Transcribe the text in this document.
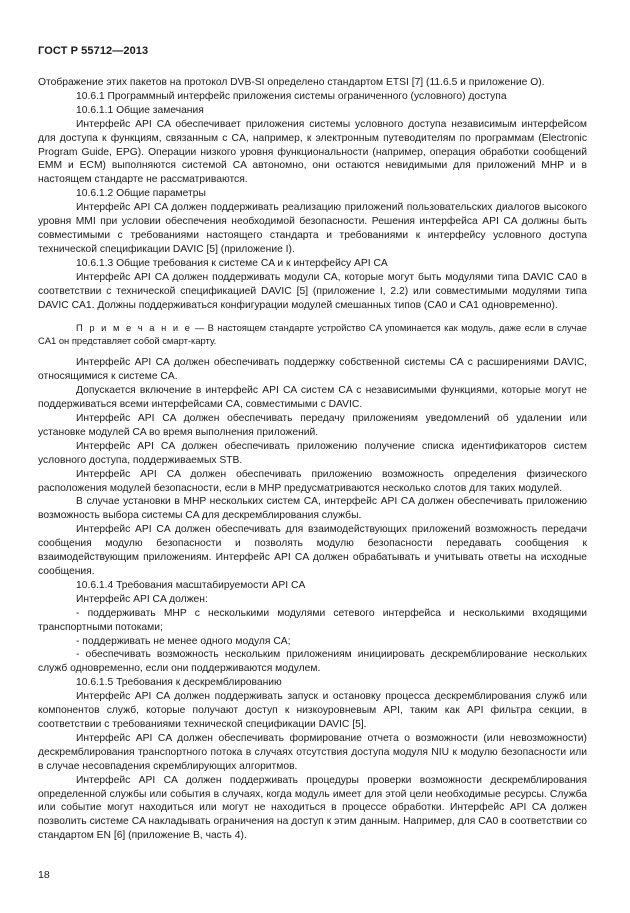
ГОСТ Р 55712—2013

Отображение этих пакетов на протокол DVB-SI определено стандартом ETSI [7] (11.6.5 и приложение О).

10.6.1 Программный интерфейс приложения системы ограниченного (условного) доступа

10.6.1.1 Общие замечания

Интерфейс API CA обеспечивает приложения системы условного доступа независимым интерфейсом для доступа к функциям, связанным с CA, например, к электронным путеводителям по программам (Electronic Program Guide, EPG). Операции низкого уровня функциональности (например, операция обработки сообщений EMM и ECM) выполняются системой CA автономно, они остаются невидимыми для приложений MHP и в настоящем стандарте не рассматриваются.

10.6.1.2 Общие параметры

Интерфейс API CA должен поддерживать реализацию приложений пользовательских диалогов высокого уровня MMI при условии обеспечения необходимой безопасности. Решения интерфейса API CA должны быть совместимыми с требованиями настоящего стандарта и требованиями к интерфейсу условного доступа технической спецификации DAVIC [5] (приложение I).

10.6.1.3 Общие требования к системе CA и к интерфейсу API CA

Интерфейс API CA должен поддерживать модули CA, которые могут быть модулями типа DAVIC CA0 в соответствии с технической спецификацией DAVIC [5] (приложение I, 2.2) или совместимыми модулями типа DAVIC CA1. Должны поддерживаться конфигурации модулей смешанных типов (CA0 и CA1 одновременно).

П р и м е ч а н и е — В настоящем стандарте устройство CA упоминается как модуль, даже если в случае CA1 он представляет собой смарт-карту.

Интерфейс API CA должен обеспечивать поддержку собственной системы CA с расширениями DAVIC, относящимися к системе CA.

Допускается включение в интерфейс API CA систем CA с независимыми функциями, которые могут не поддерживаться всеми интерфейсами CA, совместимыми с DAVIC.

Интерфейс API CA должен обеспечивать передачу приложениям уведомлений об удалении или установке модулей CA во время выполнения приложений.

Интерфейс API CA должен обеспечивать приложению получение списка идентификаторов систем условного доступа, поддерживаемых STB.

Интерфейс API CA должен обеспечивать приложению возможность определения физического расположения модулей безопасности, если в MHP предусматриваются несколько слотов для таких модулей.

В случае установки в MHP нескольких систем CA, интерфейс API CA должен обеспечивать приложению возможность выбора системы CA для дескремблирования службы.

Интерфейс API CA должен обеспечивать для взаимодействующих приложений возможность передачи сообщения модулю безопасности и позволять модулю безопасности передавать сообщения к взаимодействующим приложениям. Интерфейс API CA должен обрабатывать и учитывать ответы на исходные сообщения.

10.6.1.4 Требования масштабируемости API CA

Интерфейс API CA должен:

- поддерживать MHP с несколькими модулями сетевого интерфейса и несколькими входящими транспортными потоками;

- поддерживать не менее одного модуля CA;

- обеспечивать возможность нескольким приложениям инициировать дескремблирование нескольких служб одновременно, если они поддерживаются модулем.

10.6.1.5 Требования к дескремблированию

Интерфейс API CA должен поддерживать запуск и остановку процесса дескремблирования служб или компонентов служб, которые получают доступ к низкоуровневым API, таким как API фильтра секции, в соответствии с требованиями технической спецификации DAVIC [5].

Интерфейс API CA должен обеспечивать формирование отчета о возможности (или невозможности) дескремблирования транспортного потока в случаях отсутствия доступа модуля NIU к модулю безопасности или в случае несовпадения скремблирующих алгоритмов.

Интерфейс API CA должен поддерживать процедуры проверки возможности дескремблирования определенной службы или события в случаях, когда модуль имеет для этой цели необходимые ресурсы. Служба или событие могут находиться или могут не находиться в процессе обработки. Интерфейс API CA должен позволить системе CA накладывать ограничения на доступ к этим данным. Например, для CA0 в соответствии со стандартом EN [6] (приложение B, часть 4).

18
